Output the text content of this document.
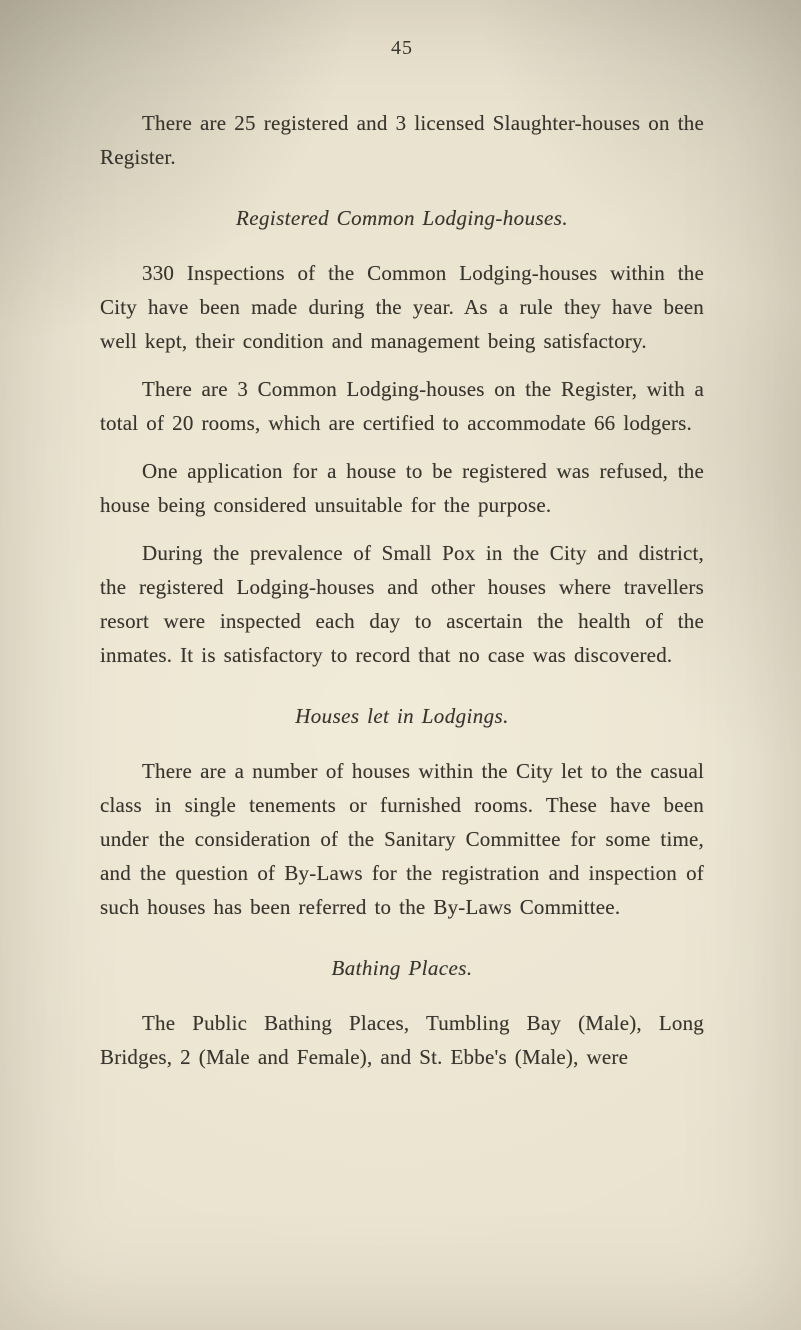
45

There are 25 registered and 3 licensed Slaughter-houses on the Register.

Registered Common Lodging-houses.

330 Inspections of the Common Lodging-houses within the City have been made during the year. As a rule they have been well kept, their condition and management being satisfactory.

There are 3 Common Lodging-houses on the Register, with a total of 20 rooms, which are certified to accommodate 66 lodgers.

One application for a house to be registered was refused, the house being considered unsuitable for the purpose.

During the prevalence of Small Pox in the City and district, the registered Lodging-houses and other houses where travellers resort were inspected each day to ascertain the health of the inmates. It is satisfactory to record that no case was discovered.

Houses let in Lodgings.

There are a number of houses within the City let to the casual class in single tenements or furnished rooms. These have been under the consideration of the Sanitary Committee for some time, and the question of By-Laws for the registration and inspection of such houses has been referred to the By-Laws Committee.

Bathing Places.

The Public Bathing Places, Tumbling Bay (Male), Long Bridges, 2 (Male and Female), and St. Ebbe's (Male), were
